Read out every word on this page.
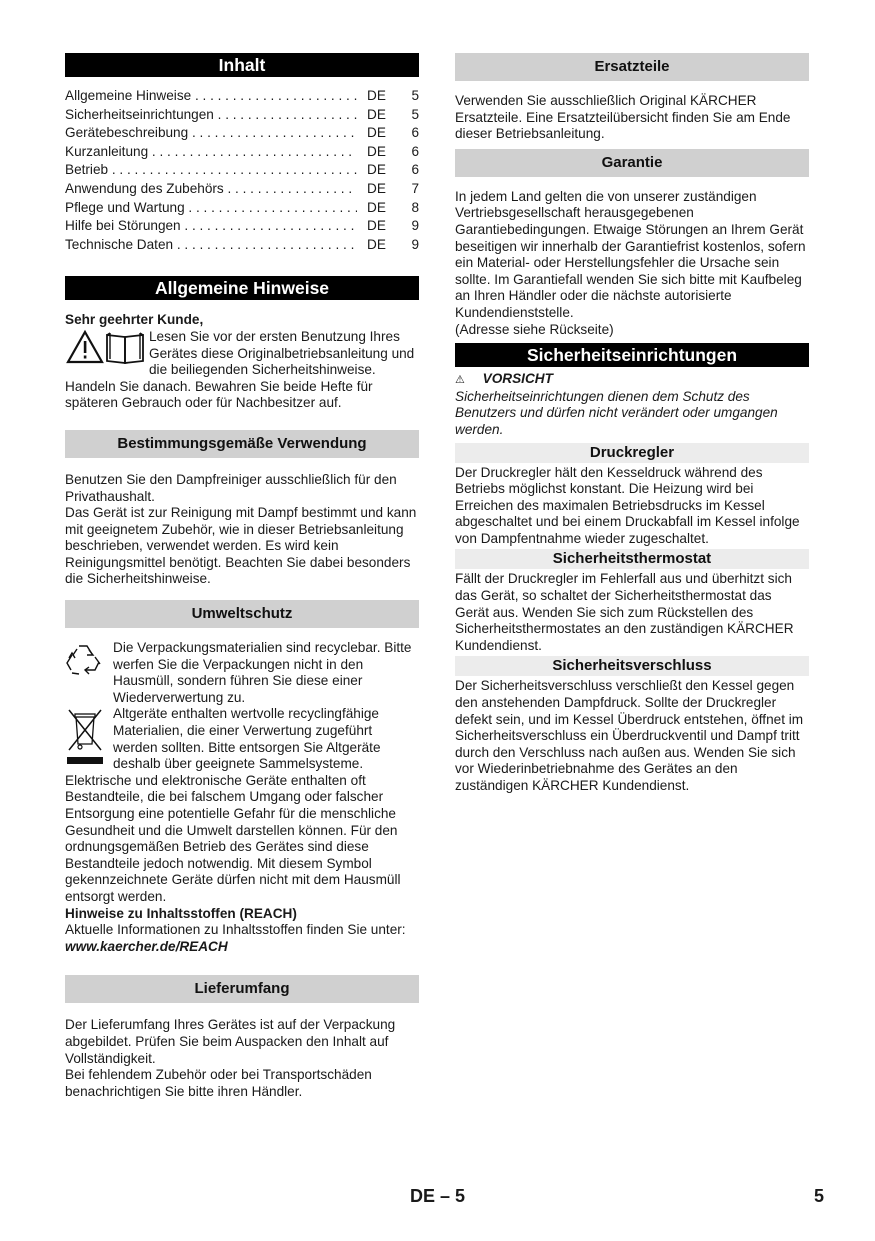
Inhalt
Allgemeine Hinweise . . .	DE	5
Sicherheitseinrichtungen . . .	DE	5
Gerätebeschreibung . . .	DE	6
Kurzanleitung . . .	DE	6
Betrieb . . .	DE	6
Anwendung des Zubehörs . . .	DE	7
Pflege und Wartung . . .	DE	8
Hilfe bei Störungen . . .	DE	9
Technische Daten . . .	DE	9
Allgemeine Hinweise

Sehr geehrter Kunde,

Lesen Sie vor der ersten Benutzung Ihres Gerätes diese Originalbetriebsanleitung und die beiliegenden Sicherheitshinweise.

Handeln Sie danach. Bewahren Sie beide Hefte für späteren Gebrauch oder für Nachbesitzer auf.

Bestimmungsgemäße Verwendung

Benutzen Sie den Dampfreiniger ausschließlich für den Privathaushalt.

Das Gerät ist zur Reinigung mit Dampf bestimmt und kann mit geeignetem Zubehör, wie in dieser Betriebsanleitung beschrieben, verwendet werden. Es wird kein Reinigungsmittel benötigt. Beachten Sie dabei besonders die Sicherheitshinweise.

Umweltschutz

Die Verpackungsmaterialien sind recyclebar. Bitte werfen Sie die Verpackungen nicht in den Hausmüll, sondern führen Sie diese einer Wiederverwertung zu.

Altgeräte enthalten wertvolle recyclingfähige Materialien, die einer Verwertung zugeführt werden sollten. Bitte entsorgen Sie Altgeräte deshalb über geeignete Sammelsysteme.

Elektrische und elektronische Geräte enthalten oft Bestandteile, die bei falschem Umgang oder falscher Entsorgung eine potentielle Gefahr für die menschliche Gesundheit und die Umwelt darstellen können. Für den ordnungsgemäßen Betrieb des Gerätes sind diese Bestandteile jedoch notwendig. Mit diesem Symbol gekennzeichnete Geräte dürfen nicht mit dem Hausmüll entsorgt werden.

Hinweise zu Inhaltsstoffen (REACH)

Aktuelle Informationen zu Inhaltsstoffen finden Sie unter:

www.kaercher.de/REACH

Lieferumfang

Der Lieferumfang Ihres Gerätes ist auf der Verpackung abgebildet. Prüfen Sie beim Auspacken den Inhalt auf Vollständigkeit.

Bei fehlendem Zubehör oder bei Transportschäden benachrichtigen Sie bitte ihren Händler.

Ersatzteile

Verwenden Sie ausschließlich Original KÄRCHER Ersatzteile. Eine Ersatzteilübersicht finden Sie am Ende dieser Betriebsanleitung.

Garantie

In jedem Land gelten die von unserer zuständigen Vertriebsgesellschaft herausgegebenen Garantiebedingungen. Etwaige Störungen an Ihrem Gerät beseitigen wir innerhalb der Garantiefrist kostenlos, sofern ein Material- oder Herstellungsfehler die Ursache sein sollte. Im Garantiefall wenden Sie sich bitte mit Kaufbeleg an Ihren Händler oder die nächste autorisierte Kundendienststelle.

(Adresse siehe Rückseite)

Sicherheitseinrichtungen

⚠ VORSICHT

Sicherheitseinrichtungen dienen dem Schutz des Benutzers und dürfen nicht verändert oder umgangen werden.

Druckregler

Der Druckregler hält den Kesseldruck während des Betriebs möglichst konstant. Die Heizung wird bei Erreichen des maximalen Betriebsdrucks im Kessel abgeschaltet und bei einem Druckabfall im Kessel infolge von Dampfentnahme wieder zugeschaltet.

Sicherheitsthermostat

Fällt der Druckregler im Fehlerfall aus und überhitzt sich das Gerät, so schaltet der Sicherheitsthermostat das Gerät aus. Wenden Sie sich zum Rückstellen des Sicherheitsthermostates an den zuständigen KÄRCHER Kundendienst.

Sicherheitsverschluss

Der Sicherheitsverschluss verschließt den Kessel gegen den anstehenden Dampfdruck. Sollte der Druckregler defekt sein, und im Kessel Überdruck entstehen, öffnet im Sicherheitsverschluss ein Überdruckventil und Dampf tritt durch den Verschluss nach außen aus. Wenden Sie sich vor Wiederinbetriebnahme des Gerätes an den zuständigen KÄRCHER Kundendienst.

DE – 5	5
